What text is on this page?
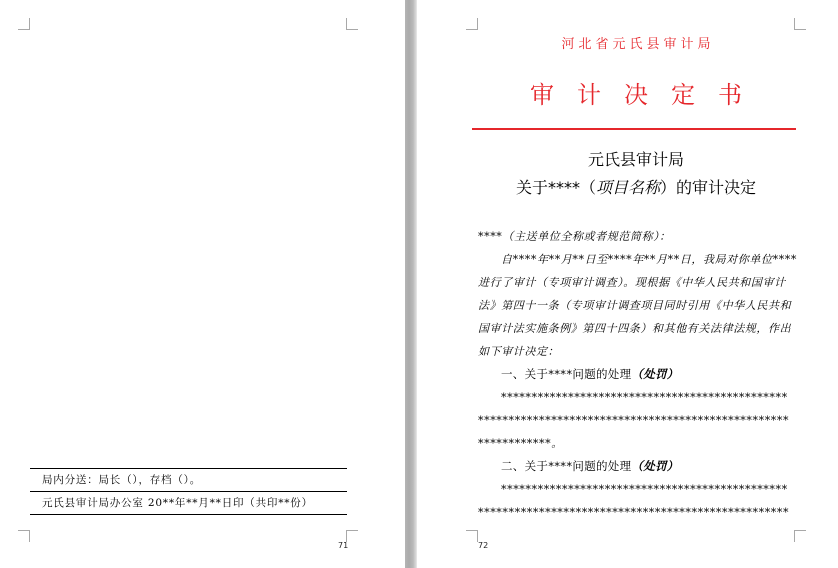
局内分送：局长（），存档（）。
元氏县审计局办公室 20**年**月**日印（共印**份）
71
河北省元氏县审计局
审计决定书
元氏县审计局
关于****（项目名称）的审计决定
****（主送单位全称或者规范简称）：
自****年**月**日至****年**月**日，我局对你单位****
进行了审计（专项审计调查）。现根据《中华人民共和国审计
法》第四十一条（专项审计调查项目同时引用《中华人民共和
国审计法实施条例》第四十四条）和其他有关法律法规，作出
如下审计决定：
一、关于****问题的处理（处罚）
***********************************************
***************************************************
************。
二、关于****问题的处理（处罚）
***********************************************
***************************************************
72
